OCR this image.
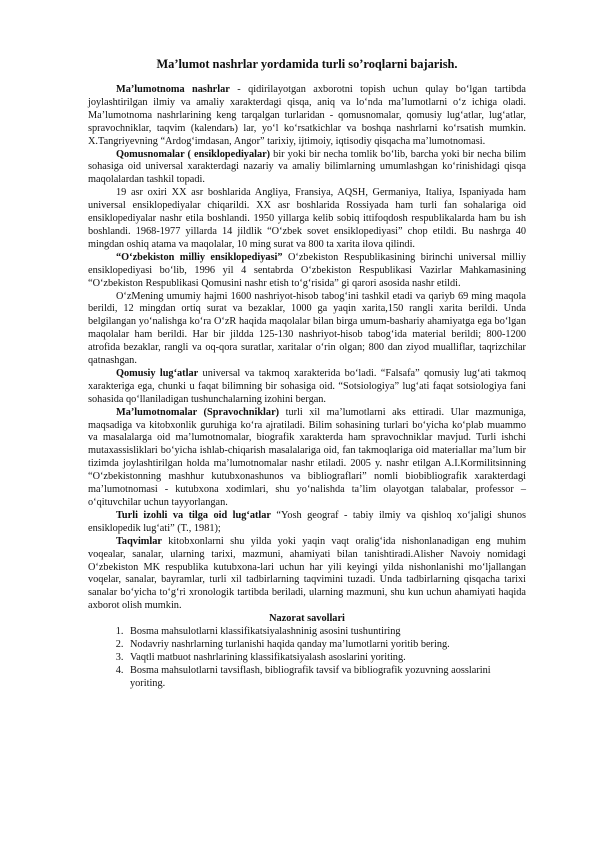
Ma’lumot nashrlar yordamida turli so’roqlarni bajarish.

Ma’lumotnoma nashrlar - qidirilayotgan axborotni topish uchun qulay bo‘lgan tartibda joylashtirilgan ilmiy va amaliy xarakterdagi qisqa, aniq va lo‘nda ma’lumotlarni o‘z ichiga oladi. Ma’lumotnoma nashrlarining keng tarqalgan turlaridan - qomusnomalar, qomusiy lug‘atlar, lug‘atlar, spravochniklar, taqvim (kalendarь) lar, yo‘l ko‘rsatkichlar va boshqa nashrlarni ko‘rsatish mumkin. X.Tangriyevning “Ardog‘imdasan, Angor” tarixiy, ijtimoiy, iqtisodiy qisqacha ma’lumotnomasi.

Qomusnomalar ( ensiklopediyalar) bir yoki bir necha tomlik bo‘lib, barcha yoki bir necha bilim sohasiga oid universal xarakterdagi nazariy va amaliy bilimlarning umumlashgan ko‘rinishidagi qisqa maqolalardan tashkil topadi.

19 asr oxiri XX asr boshlarida Angliya, Fransiya, AQSH, Germaniya, Italiya, Ispaniyada ham universal ensiklopediyalar chiqarildi. XX asr boshlarida Rossiyada ham turli fan sohalariga oid ensiklopediyalar nashr etila boshlandi. 1950 yillarga kelib sobiq ittifoqdosh respublikalarda ham bu ish boshlandi. 1968-1977 yillarda 14 jildlik “O‘zbek sovet ensiklopediyasi” chop etildi. Bu nashrga 40 mingdan oshiq atama va maqolalar, 10 ming surat va 800 ta xarita ilova qilindi.

“O‘zbekiston milliy ensiklopediyasi” O‘zbekiston Respublikasining birinchi universal milliy ensiklopediyasi bo‘lib, 1996 yil 4 sentabrda O‘zbekiston Respublikasi Vazirlar Mahkamasining “O‘zbekiston Respublikasi Qomusini nashr etish to‘g‘risida” gi qarori asosida nashr etildi.

O‘zMening umumiy hajmi 1600 nashriyot-hisob tabog‘ini tashkil etadi va qariyb 69 ming maqola berildi, 12 mingdan ortiq surat va bezaklar, 1000 ga yaqin xarita,150 rangli xarita berildi. Unda belgilangan yo‘nalishga ko‘ra O‘zR haqida maqolalar bilan birga umum-bashariy ahamiyatga ega bo‘lgan maqolalar ham berildi. Har bir jildda 125-130 nashriyot-hisob tabog‘ida material berildi; 800-1200 atrofida bezaklar, rangli va oq-qora suratlar, xaritalar o‘rin olgan; 800 dan ziyod mualliflar, taqrizchilar qatnashgan.

Qomusiy lug‘atlar universal va takmoq xarakterida bo‘ladi. “Falsafa” qomusiy lug‘ati takmoq xarakteriga ega, chunki u faqat bilimning bir sohasiga oid. “Sotsiologiya” lug‘ati faqat sotsiologiya fani sohasida qo‘llaniladigan tushunchalarning izohini bergan.

Ma’lumotnomalar (Spravochniklar) turli xil ma’lumotlarni aks ettiradi. Ular mazmuniga, maqsadiga va kitobxonlik guruhiga ko‘ra ajratiladi. Bilim sohasining turlari bo‘yicha ko‘plab muammo va masalalarga oid ma’lumotnomalar, biografik xarakterda ham spravochniklar mavjud. Turli ishchi mutaxassisliklari bo‘yicha ishlab-chiqarish masalalariga oid, fan takmoqlariga oid materiallar ma’lum bir tizimda joylashtirilgan holda ma’lumotnomalar nashr etiladi. 2005 y. nashr etilgan A.I.Kormilitsinning “O‘zbekistonning mashhur kutubxonashunos va bibliograflari” nomli biobibliografik xarakterdagi ma’lumotnomasi - kutubxona xodimlari, shu yo‘nalishda ta’lim olayotgan talabalar, professor –o‘qituvchilar uchun tayyorlangan.

Turli izohli va tilga oid lug‘atlar “Yosh geograf - tabiy ilmiy va qishloq xo‘jaligi shunos ensiklopedik lug‘ati” (T., 1981);

Taqvimlar kitobxonlarni shu yilda yoki yaqin vaqt oralig‘ida nishonlanadigan eng muhim voqealar, sanalar, ularning tarixi, mazmuni, ahamiyati bilan tanishtiradi.Alisher Navoiy nomidagi O‘zbekiston MK respublika kutubxona-lari uchun har yili keyingi yilda nishonlanishi mo‘ljallangan voqelar, sanalar, bayramlar, turli xil tadbirlarning taqvimini tuzadi. Unda tadbirlarning qisqacha tarixi sanalar bo‘yicha to‘g‘ri xronologik tartibda beriladi, ularning mazmuni, shu kun uchun ahamiyati haqida axborot olish mumkin.

Nazorat savollari
1. Bosma mahsulotlarni klassifikatsiyalashninig asosini tushuntiring
2. Nodavriy nashrlarning turlanishi haqida qanday ma’lumotlarni yoritib bering.
3. Vaqtli matbuot nashrlarining klassifikatsiyalash asoslarini yoriting.
4. Bosma mahsulotlarni tavsiflash, bibliografik tavsif va bibliografik yozuvning aosslarini yoriting.
